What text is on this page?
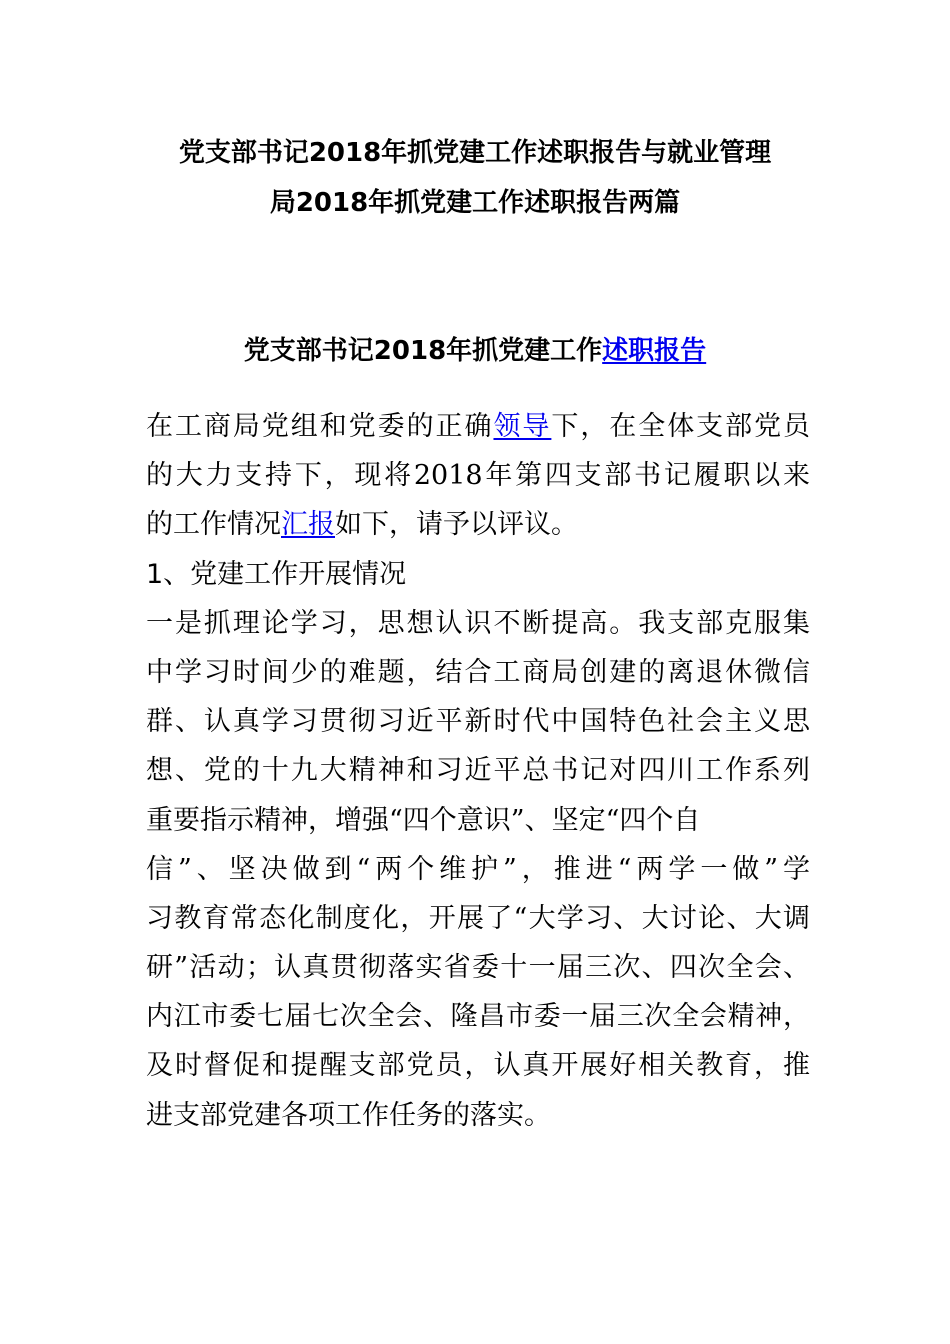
党支部书记2018年抓党建工作述职报告与就业管理
局2018年抓党建工作述职报告两篇
党支部书记2018年抓党建工作述职报告
在工商局党组和党委的正确领导下，在全体支部党员
的大力支持下，现将2018年第四支部书记履职以来
的工作情况汇报如下，请予以评议。
1、党建工作开展情况
一是抓理论学习，思想认识不断提高。我支部克服集
中学习时间少的难题，结合工商局创建的离退休微信
群、认真学习贯彻习近平新时代中国特色社会主义思
想、党的十九大精神和习近平总书记对四川工作系列
重要指示精神，增强“四个意识”、坚定“四个自
信”、坚决做到“两个维护”，推进“两学一做”学
习教育常态化制度化，开展了“大学习、大讨论、大调
研”活动；认真贯彻落实省委十一届三次、四次全会、
内江市委七届七次全会、隆昌市委一届三次全会精神，
及时督促和提醒支部党员，认真开展好相关教育，推
进支部党建各项工作任务的落实。
